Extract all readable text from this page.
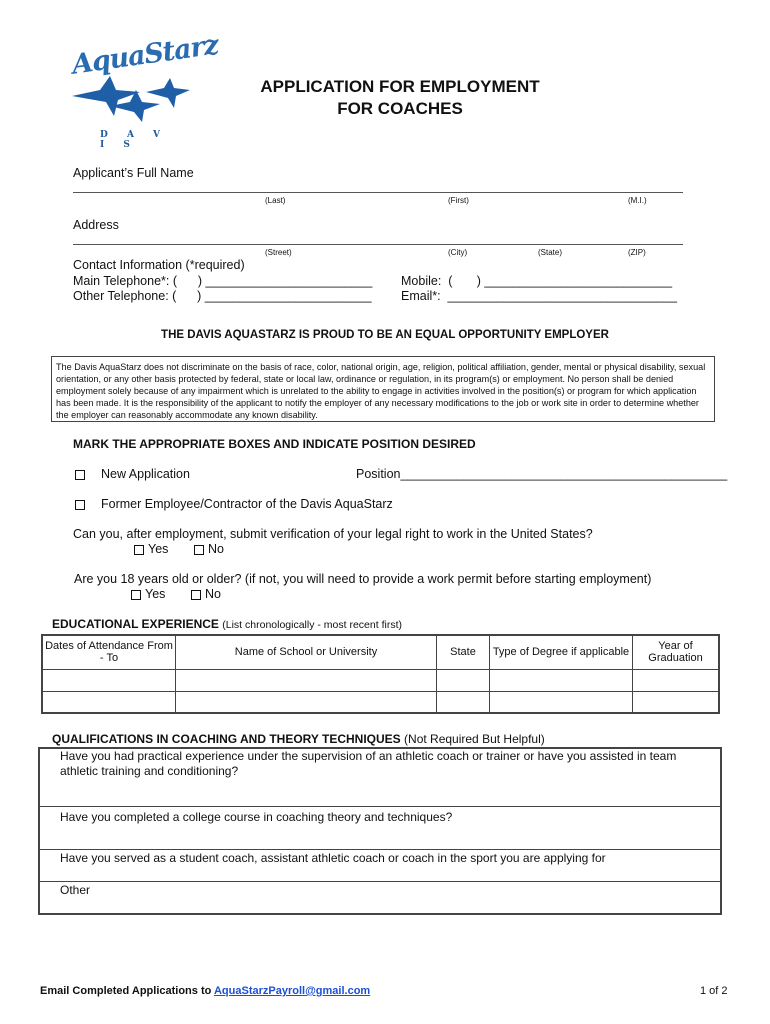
AquaStarz
D A V I S
APPLICATION FOR EMPLOYMENT
FOR COACHES
Applicant’s Full Name
(Last)	(First)	(M.I.)
Address
(Street)	(City)	(State)	(ZIP)
Contact Information (*required)
Main Telephone*: (      ) ________________________
Other Telephone: (      ) ________________________
Mobile:  (       ) ___________________________
Email*:  _________________________________
THE DAVIS AQUASTARZ IS PROUD TO BE AN EQUAL OPPORTUNITY EMPLOYER
The Davis AquaStarz does not discriminate on the basis of race, color, national origin, age, religion, political affiliation, gender, mental or physical disability, sexual orientation, or any other basis protected by federal, state or local law, ordinance or regulation, in its program(s) or employment. No person shall be denied employment solely because of any impairment which is unrelated to the ability to engage in activities involved in the position(s) or program for which application has been made. It is the responsibility of the applicant to notify the employer of any necessary modifications to the job or work site in order to determine whether the employer can reasonably accommodate any known disability.
MARK THE APPROPRIATE BOXES AND INDICATE POSITION DESIRED
New Application	Position_______________________________________________
Former Employee/Contractor of the Davis AquaStarz
Can you, after employment, submit verification of your legal right to work in the United States?
Yes	No
Are you 18 years old or older? (if not, you will need to provide a work permit before starting employment)
Yes	No
EDUCATIONAL EXPERIENCE (List chronologically - most recent first)
Dates of Attendance From - To	Name of School or University	State	Type of Degree if applicable	Year of Graduation

QUALIFICATIONS IN COACHING AND THEORY TECHNIQUES (Not Required But Helpful)
Have you had practical experience under the supervision of an athletic coach or trainer or have you assisted in team athletic training and conditioning?
Have you completed a college course in coaching theory and techniques?
Have you served as a student coach, assistant athletic coach or coach in the sport you are applying for
Other
Email Completed Applications to AquaStarzPayroll@gmail.com	1 of 2
